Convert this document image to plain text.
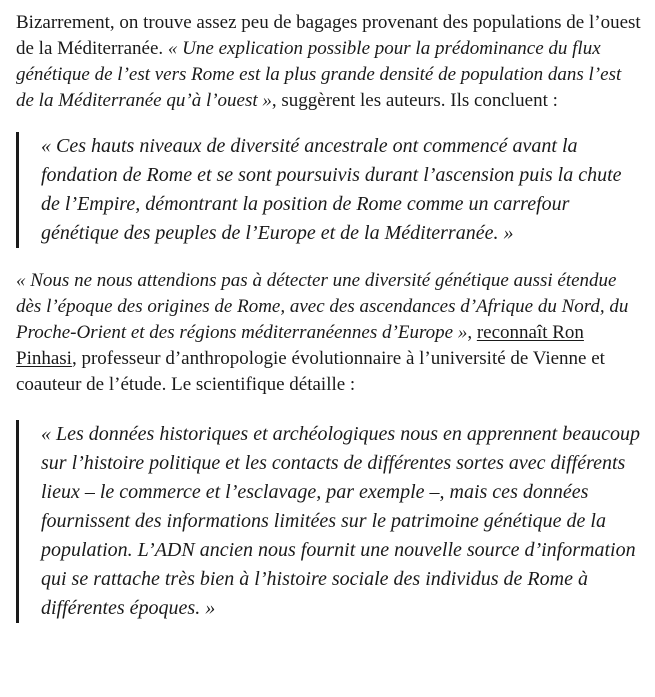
Bizarrement, on trouve assez peu de bagages provenant des populations de l’ouest de la Méditerranée. « Une explication possible pour la prédominance du flux génétique de l’est vers Rome est la plus grande densité de population dans l’est de la Méditerranée qu’à l’ouest », suggèrent les auteurs. Ils concluent :

« Ces hauts niveaux de diversité ancestrale ont commencé avant la fondation de Rome et se sont poursuivis durant l’ascension puis la chute de l’Empire, démontrant la position de Rome comme un carrefour génétique des peuples de l’Europe et de la Méditerranée. »

« Nous ne nous attendions pas à détecter une diversité génétique aussi étendue dès l’époque des origines de Rome, avec des ascendances d’Afrique du Nord, du Proche-Orient et des régions méditerranéennes d’Europe », reconnaît Ron Pinhasi, professeur d’anthropologie évolutionnaire à l’université de Vienne et coauteur de l’étude. Le scientifique détaille :

« Les données historiques et archéologiques nous en apprennent beaucoup sur l’histoire politique et les contacts de différentes sortes avec différents lieux – le commerce et l’esclavage, par exemple –, mais ces données fournissent des informations limitées sur le patrimoine génétique de la population. L’ADN ancien nous fournit une nouvelle source d’information qui se rattache très bien à l’histoire sociale des individus de Rome à différentes époques. »
